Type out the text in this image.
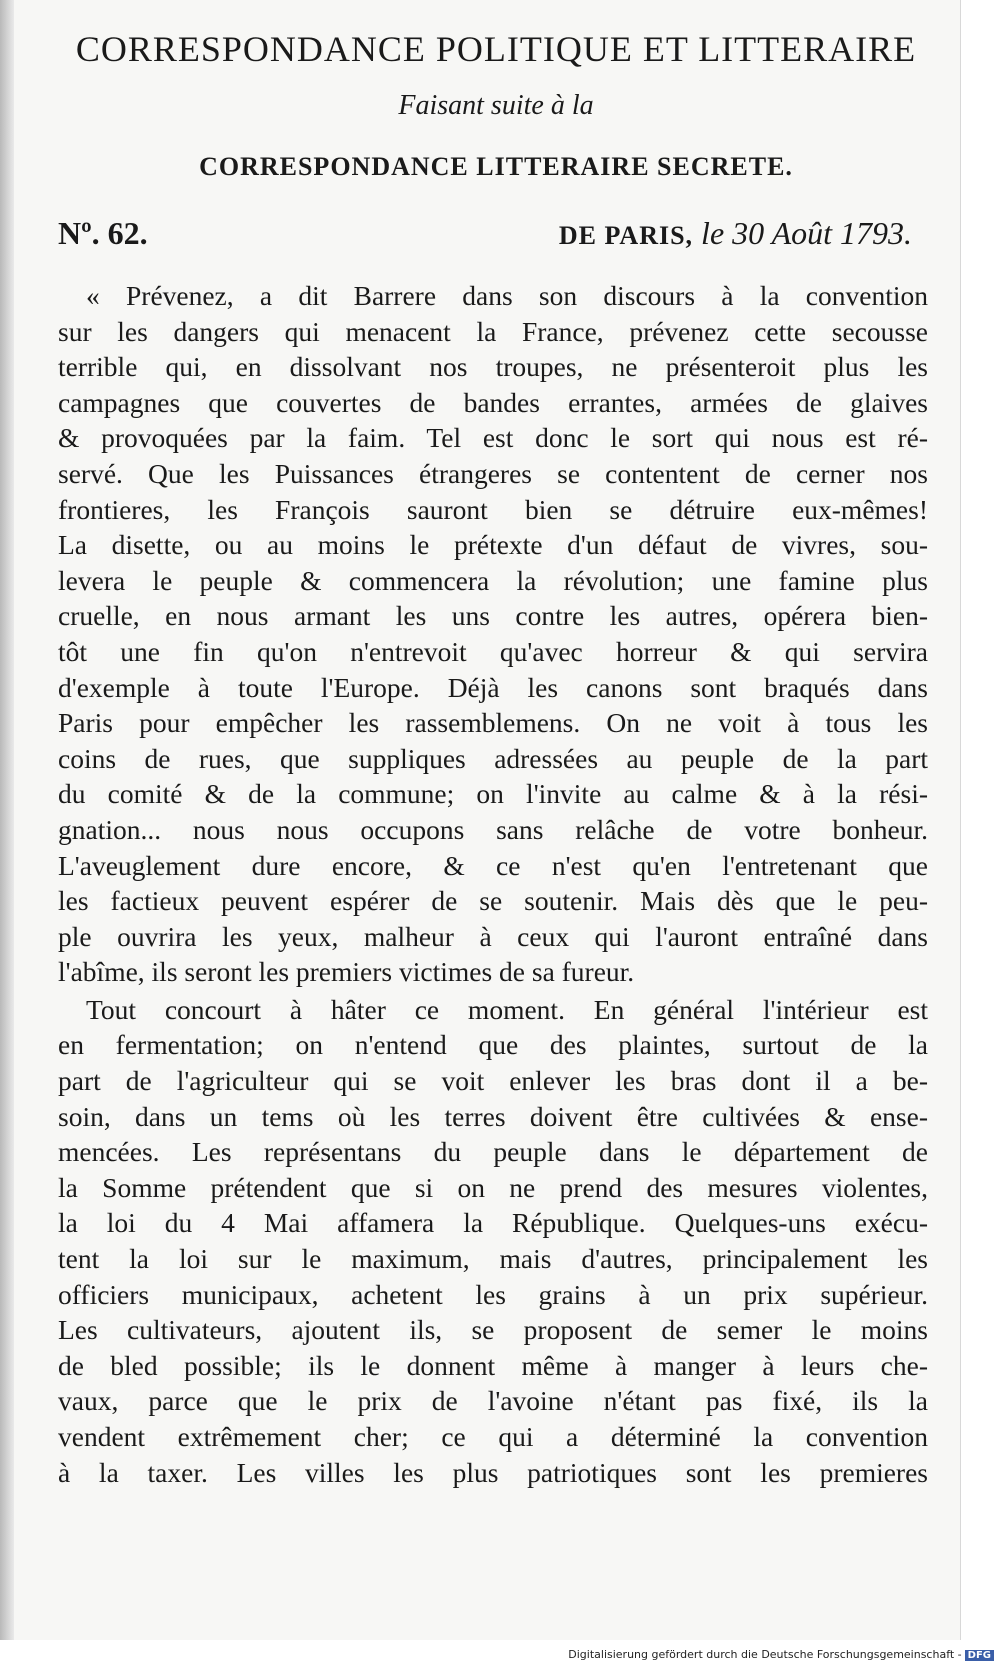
CORRESPONDANCE POLITIQUE ET LITTERAIRE
Faisant suite à la
CORRESPONDANCE LITTERAIRE SECRETE.
Nº. 62.	DE PARIS, le 30 Août 1793.
« Prévenez, a dit Barrere dans son discours à la convention
sur les dangers qui menacent la France, prévenez cette secousse
terrible qui, en dissolvant nos troupes, ne présenteroit plus les
campagnes que couvertes de bandes errantes, armées de glaives
& provoquées par la faim. Tel est donc le sort qui nous est ré-
servé. Que les Puissances étrangeres se contentent de cerner nos
frontieres, les François sauront bien se détruire eux-mêmes!
La disette, ou au moins le prétexte d'un défaut de vivres, sou-
levera le peuple & commencera la révolution; une famine plus
cruelle, en nous armant les uns contre les autres, opérera bien-
tôt une fin qu'on n'entrevoit qu'avec horreur & qui servira
d'exemple à toute l'Europe. Déjà les canons sont braqués dans
Paris pour empêcher les rassemblemens. On ne voit à tous les
coins de rues, que suppliques adressées au peuple de la part
du comité & de la commune; on l'invite au calme & à la rési-
gnation... nous nous occupons sans relâche de votre bonheur.
L'aveuglement dure encore, & ce n'est qu'en l'entretenant que
les factieux peuvent espérer de se soutenir. Mais dès que le peu-
ple ouvrira les yeux, malheur à ceux qui l'auront entraîné dans
l'abîme, ils seront les premiers victimes de sa fureur.
Tout concourt à hâter ce moment. En général l'intérieur est
en fermentation; on n'entend que des plaintes, surtout de la
part de l'agriculteur qui se voit enlever les bras dont il a be-
soin, dans un tems où les terres doivent être cultivées & ense-
mencées. Les représentans du peuple dans le département de
la Somme prétendent que si on ne prend des mesures violentes,
la loi du 4 Mai affamera la République. Quelques-uns exécu-
tent la loi sur le maximum, mais d'autres, principalement les
officiers municipaux, achetent les grains à un prix supérieur.
Les cultivateurs, ajoutent ils, se proposent de semer le moins
de bled possible; ils le donnent même à manger à leurs che-
vaux, parce que le prix de l'avoine n'étant pas fixé, ils la
vendent extrêmement cher; ce qui a déterminé la convention
à la taxer. Les villes les plus patriotiques sont les premieres
Digitalisierung gefördert durch die Deutsche Forschungsgemeinschaft - DFG
